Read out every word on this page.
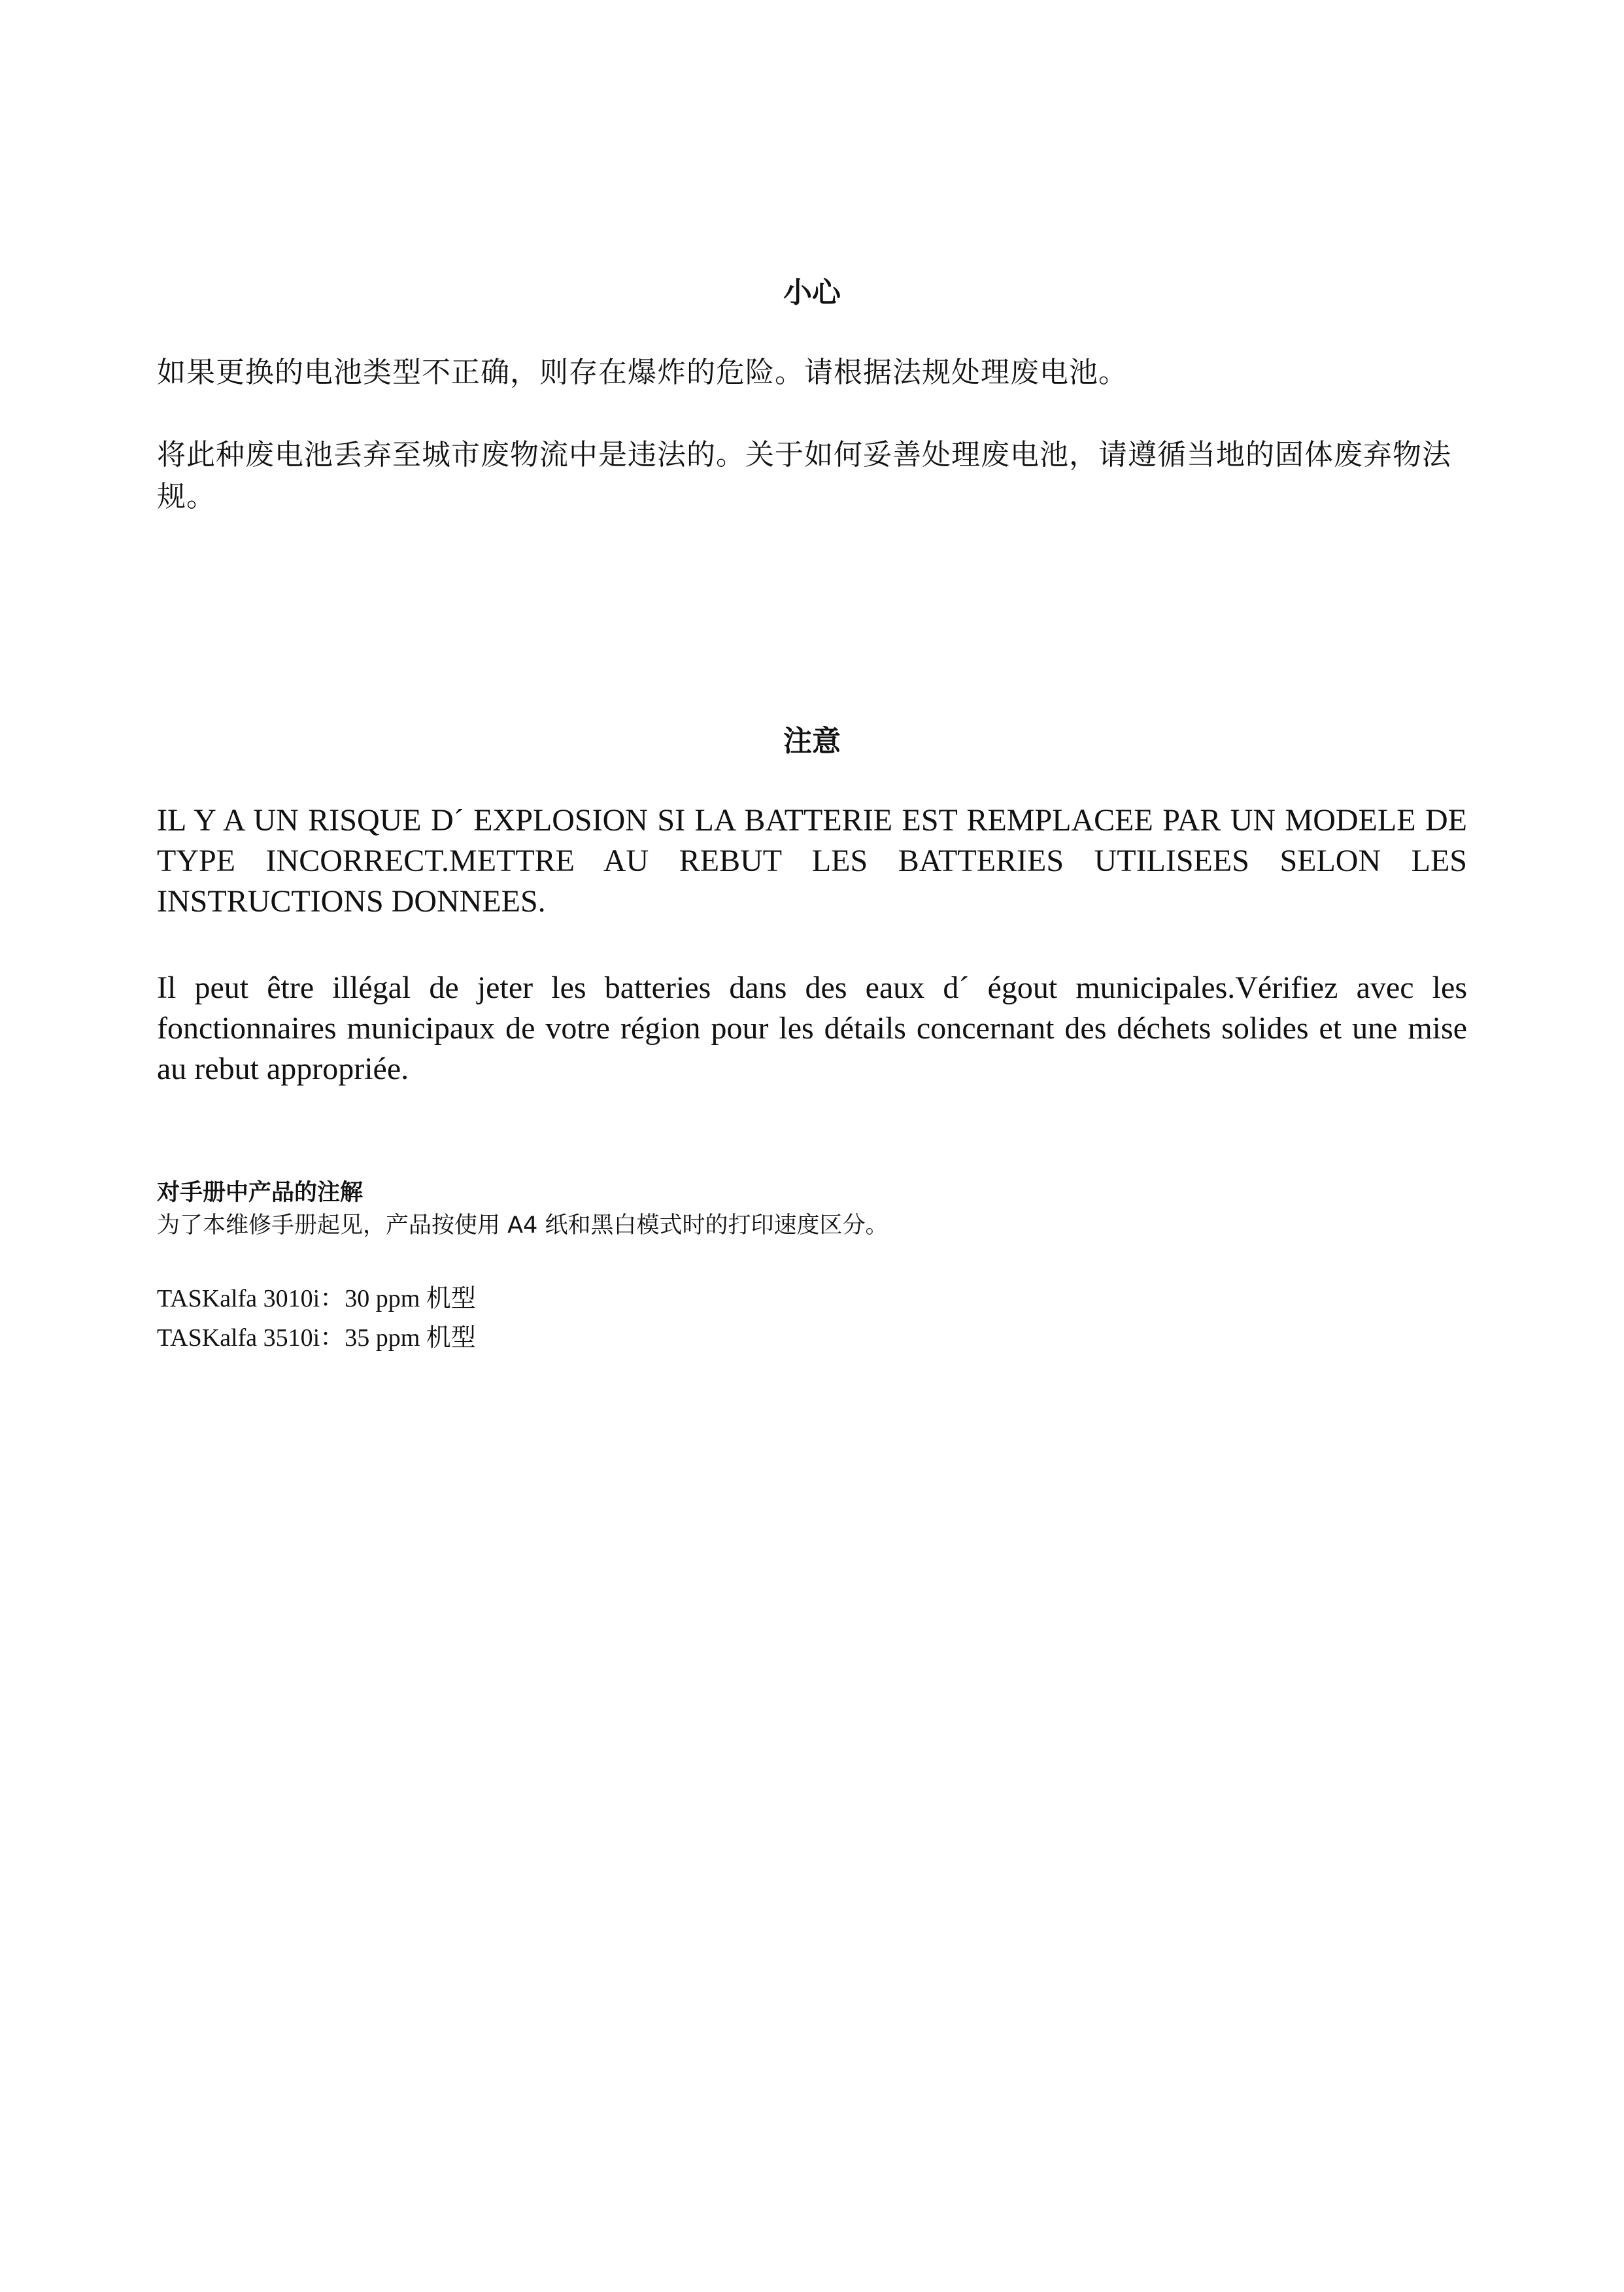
小心
如果更换的电池类型不正确，则存在爆炸的危险。请根据法规处理废电池。
将此种废电池丢弃至城市废物流中是违法的。关于如何妥善处理废电池，请遵循当地的固体废弃物法规。
注意
IL Y A UN RISQUE D´ EXPLOSION SI LA BATTERIE EST REMPLACEE PAR UN MODELE DE TYPE INCORRECT.METTRE AU REBUT LES BATTERIES UTILISEES SELON LES INSTRUCTIONS DONNEES.
Il peut être illégal de jeter les batteries dans des eaux d´ égout municipales.Vérifiez avec les fonctionnaires municipaux de votre région pour les détails concernant des déchets solides et une mise au rebut appropriée.
对手册中产品的注解
为了本维修手册起见，产品按使用 A4 纸和黑白模式时的打印速度区分。
TASKalfa 3010i：30 ppm 机型
TASKalfa 3510i：35 ppm 机型
